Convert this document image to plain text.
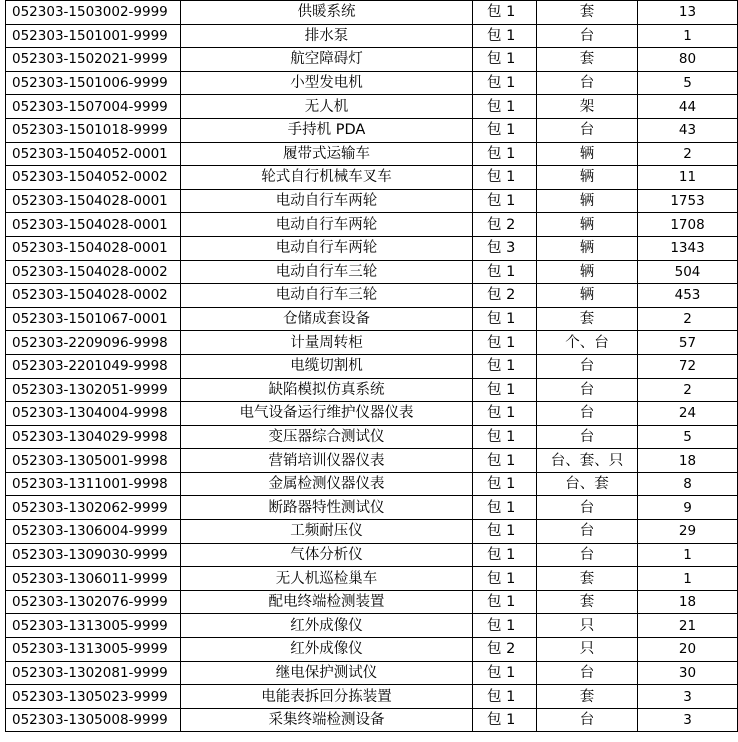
052303-1503002-9999	供暖系统	包 1	套	13
052303-1501001-9999	排水泵	包 1	台	1
052303-1502021-9999	航空障碍灯	包 1	套	80
052303-1501006-9999	小型发电机	包 1	台	5
052303-1507004-9999	无人机	包 1	架	44
052303-1501018-9999	手持机 PDA	包 1	台	43
052303-1504052-0001	履带式运输车	包 1	辆	2
052303-1504052-0002	轮式自行机械车叉车	包 1	辆	11
052303-1504028-0001	电动自行车两轮	包 1	辆	1753
052303-1504028-0001	电动自行车两轮	包 2	辆	1708
052303-1504028-0001	电动自行车两轮	包 3	辆	1343
052303-1504028-0002	电动自行车三轮	包 1	辆	504
052303-1504028-0002	电动自行车三轮	包 2	辆	453
052303-1501067-0001	仓储成套设备	包 1	套	2
052303-2209096-9998	计量周转柜	包 1	个、台	57
052303-2201049-9998	电缆切割机	包 1	台	72
052303-1302051-9999	缺陷模拟仿真系统	包 1	台	2
052303-1304004-9998	电气设备运行维护仪器仪表	包 1	台	24
052303-1304029-9998	变压器综合测试仪	包 1	台	5
052303-1305001-9998	营销培训仪器仪表	包 1	台、套、只	18
052303-1311001-9998	金属检测仪器仪表	包 1	台、套	8
052303-1302062-9999	断路器特性测试仪	包 1	台	9
052303-1306004-9999	工频耐压仪	包 1	台	29
052303-1309030-9999	气体分析仪	包 1	台	1
052303-1306011-9999	无人机巡检巢车	包 1	套	1
052303-1302076-9999	配电终端检测装置	包 1	套	18
052303-1313005-9999	红外成像仪	包 1	只	21
052303-1313005-9999	红外成像仪	包 2	只	20
052303-1302081-9999	继电保护测试仪	包 1	台	30
052303-1305023-9999	电能表拆回分拣装置	包 1	套	3
052303-1305008-9999	采集终端检测设备	包 1	台	3
